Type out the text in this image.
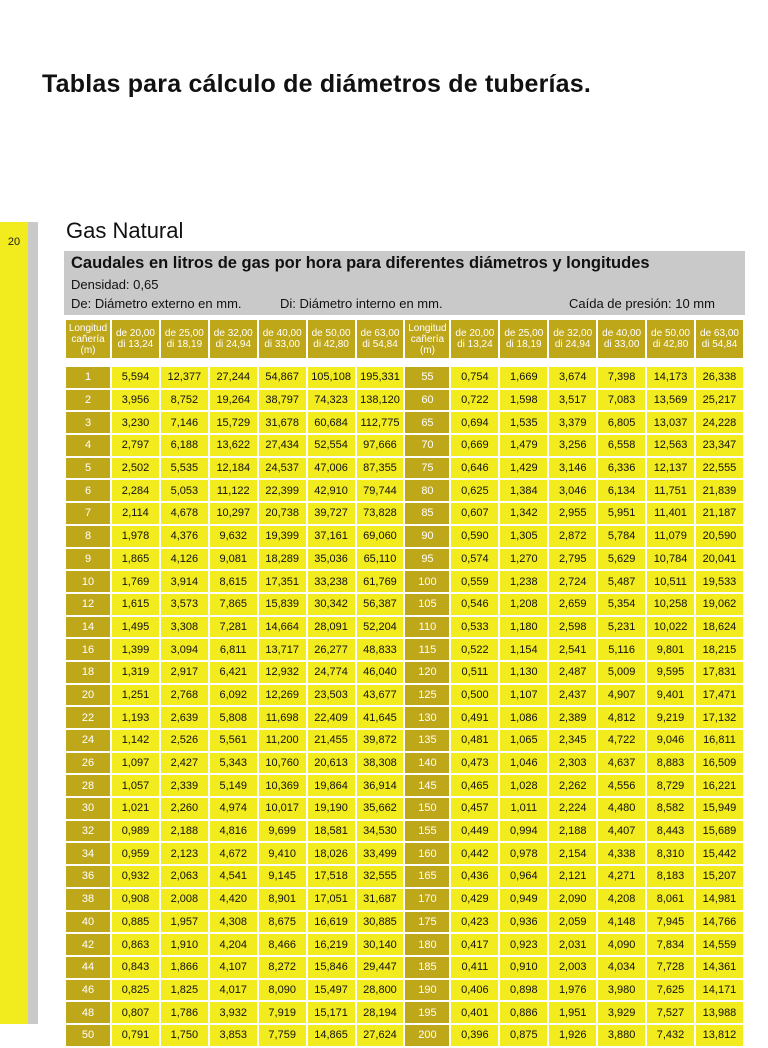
20
Tablas para cálculo de diámetros de tuberías.
Gas Natural
Caudales en litros de gas por hora para diferentes diámetros y longitudes
Densidad: 0,65
De: Diámetro externo en mm.	Di: Diámetro interno en mm.	Caída de presión: 10 mm
Longitud
cañería
(m)	de 20,00
di 13,24	de 25,00
di 18,19	de 32,00
di 24,94	de 40,00
di 33,00	de 50,00
di 42,80	de 63,00
di 54,84	Longitud
cañería
(m)	de 20,00
di 13,24	de 25,00
di 18,19	de 32,00
di 24,94	de 40,00
di 33,00	de 50,00
di 42,80	de 63,00
di 54,84

1	5,594	12,377	27,244	54,867	105,108	195,331	55	0,754	1,669	3,674	7,398	14,173	26,338
2	3,956	8,752	19,264	38,797	74,323	138,120	60	0,722	1,598	3,517	7,083	13,569	25,217
3	3,230	7,146	15,729	31,678	60,684	112,775	65	0,694	1,535	3,379	6,805	13,037	24,228
4	2,797	6,188	13,622	27,434	52,554	97,666	70	0,669	1,479	3,256	6,558	12,563	23,347
5	2,502	5,535	12,184	24,537	47,006	87,355	75	0,646	1,429	3,146	6,336	12,137	22,555
6	2,284	5,053	11,122	22,399	42,910	79,744	80	0,625	1,384	3,046	6,134	11,751	21,839
7	2,114	4,678	10,297	20,738	39,727	73,828	85	0,607	1,342	2,955	5,951	11,401	21,187
8	1,978	4,376	9,632	19,399	37,161	69,060	90	0,590	1,305	2,872	5,784	11,079	20,590
9	1,865	4,126	9,081	18,289	35,036	65,110	95	0,574	1,270	2,795	5,629	10,784	20,041
10	1,769	3,914	8,615	17,351	33,238	61,769	100	0,559	1,238	2,724	5,487	10,511	19,533
12	1,615	3,573	7,865	15,839	30,342	56,387	105	0,546	1,208	2,659	5,354	10,258	19,062
14	1,495	3,308	7,281	14,664	28,091	52,204	110	0,533	1,180	2,598	5,231	10,022	18,624
16	1,399	3,094	6,811	13,717	26,277	48,833	115	0,522	1,154	2,541	5,116	9,801	18,215
18	1,319	2,917	6,421	12,932	24,774	46,040	120	0,511	1,130	2,487	5,009	9,595	17,831
20	1,251	2,768	6,092	12,269	23,503	43,677	125	0,500	1,107	2,437	4,907	9,401	17,471
22	1,193	2,639	5,808	11,698	22,409	41,645	130	0,491	1,086	2,389	4,812	9,219	17,132
24	1,142	2,526	5,561	11,200	21,455	39,872	135	0,481	1,065	2,345	4,722	9,046	16,811
26	1,097	2,427	5,343	10,760	20,613	38,308	140	0,473	1,046	2,303	4,637	8,883	16,509
28	1,057	2,339	5,149	10,369	19,864	36,914	145	0,465	1,028	2,262	4,556	8,729	16,221
30	1,021	2,260	4,974	10,017	19,190	35,662	150	0,457	1,011	2,224	4,480	8,582	15,949
32	0,989	2,188	4,816	9,699	18,581	34,530	155	0,449	0,994	2,188	4,407	8,443	15,689
34	0,959	2,123	4,672	9,410	18,026	33,499	160	0,442	0,978	2,154	4,338	8,310	15,442
36	0,932	2,063	4,541	9,145	17,518	32,555	165	0,436	0,964	2,121	4,271	8,183	15,207
38	0,908	2,008	4,420	8,901	17,051	31,687	170	0,429	0,949	2,090	4,208	8,061	14,981
40	0,885	1,957	4,308	8,675	16,619	30,885	175	0,423	0,936	2,059	4,148	7,945	14,766
42	0,863	1,910	4,204	8,466	16,219	30,140	180	0,417	0,923	2,031	4,090	7,834	14,559
44	0,843	1,866	4,107	8,272	15,846	29,447	185	0,411	0,910	2,003	4,034	7,728	14,361
46	0,825	1,825	4,017	8,090	15,497	28,800	190	0,406	0,898	1,976	3,980	7,625	14,171
48	0,807	1,786	3,932	7,919	15,171	28,194	195	0,401	0,886	1,951	3,929	7,527	13,988
50	0,791	1,750	3,853	7,759	14,865	27,624	200	0,396	0,875	1,926	3,880	7,432	13,812
